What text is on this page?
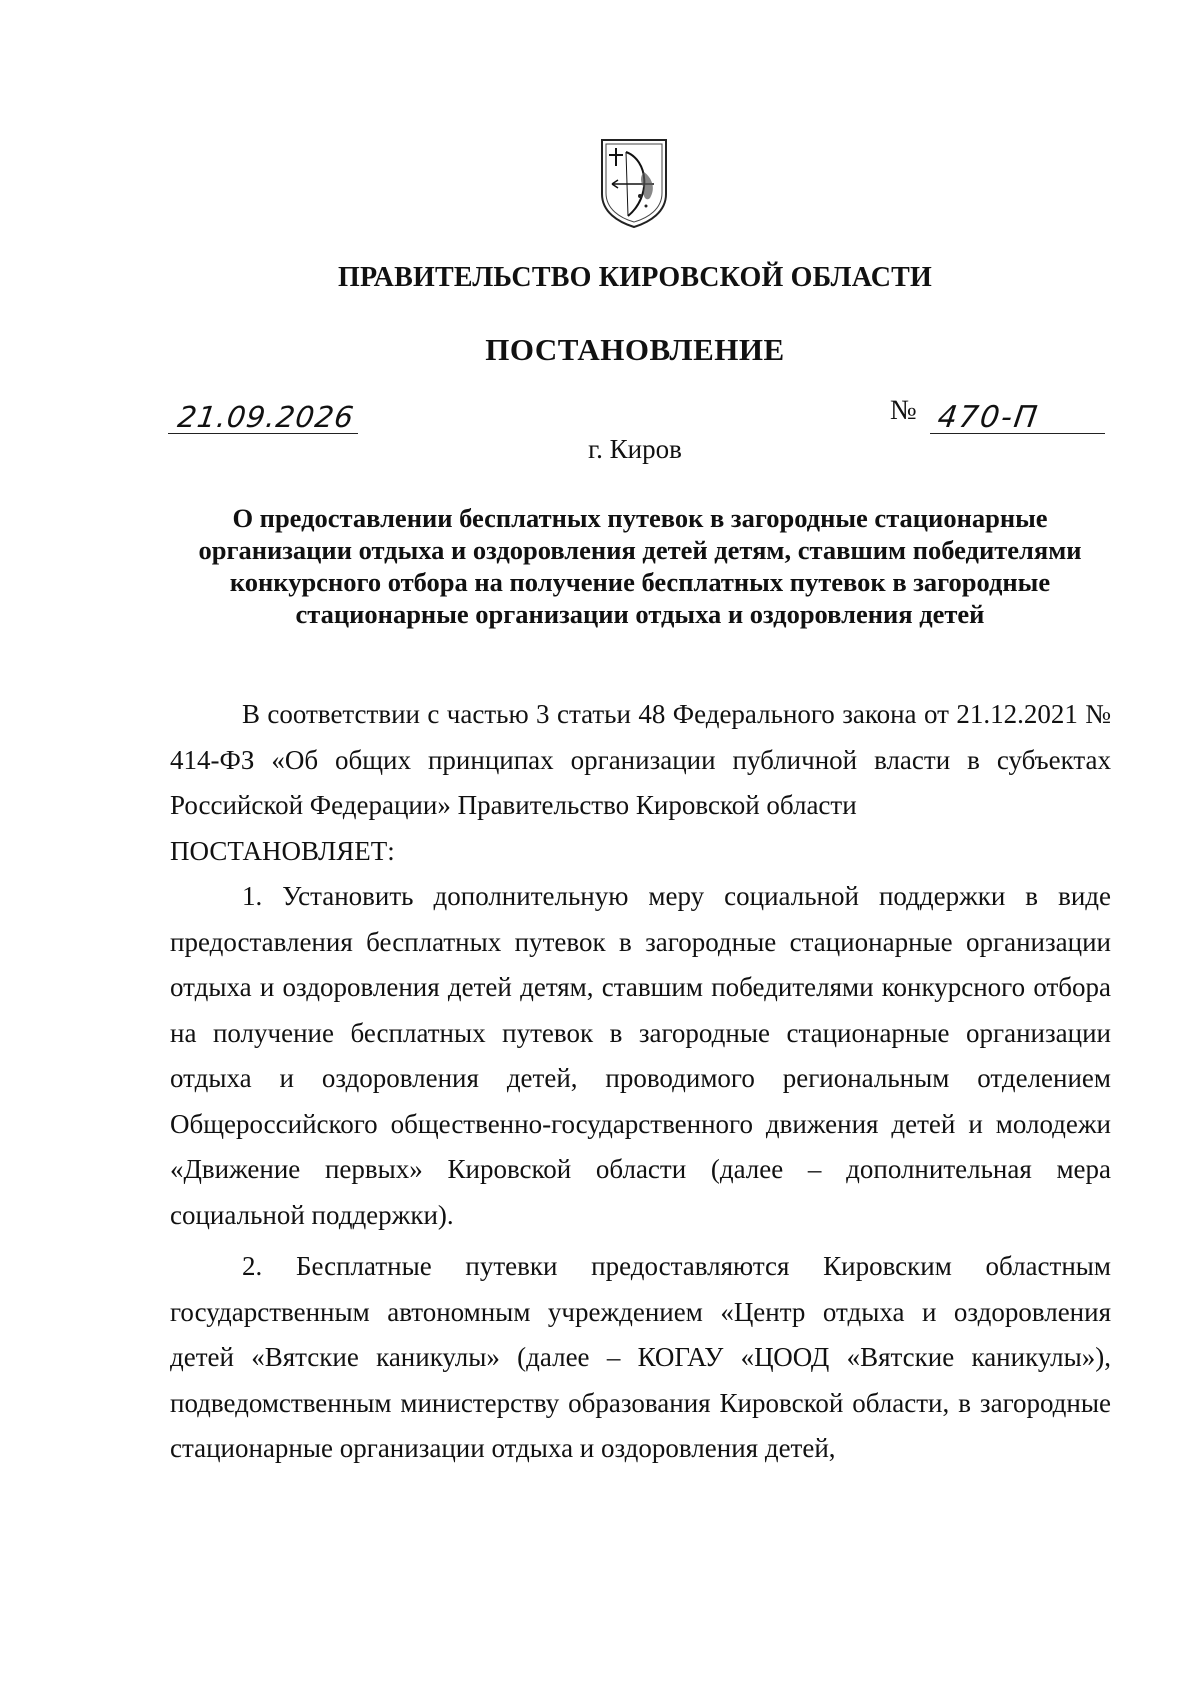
ПРАВИТЕЛЬСТВО КИРОВСКОЙ ОБЛАСТИ
ПОСТАНОВЛЕНИЕ
21.09.2026	№ 470-П
г. Киров
О предоставлении бесплатных путевок в загородные стационарные организации отдыха и оздоровления детей детям, ставшим победителями конкурсного отбора на получение бесплатных путевок в загородные стационарные организации отдыха и оздоровления детей

В соответствии с частью 3 статьи 48 Федерального закона от 21.12.2021 № 414-ФЗ «Об общих принципах организации публичной власти в субъектах Российской Федерации» Правительство Кировской области

ПОСТАНОВЛЯЕТ:

1. Установить дополнительную меру социальной поддержки в виде предоставления бесплатных путевок в загородные стационарные организации отдыха и оздоровления детей детям, ставшим победителями конкурсного отбора на получение бесплатных путевок в загородные стационарные организации отдыха и оздоровления детей, проводимого региональным отделением Общероссийского общественно-государственного движения детей и молодежи «Движение первых» Кировской области (далее – дополнительная мера социальной поддержки).

2. Бесплатные путевки предоставляются Кировским областным государственным автономным учреждением «Центр отдыха и оздоровления детей «Вятские каникулы» (далее – КОГАУ «ЦООД «Вятские каникулы»), подведомственным министерству образования Кировской области, в загородные стационарные организации отдыха и оздоровления детей,
